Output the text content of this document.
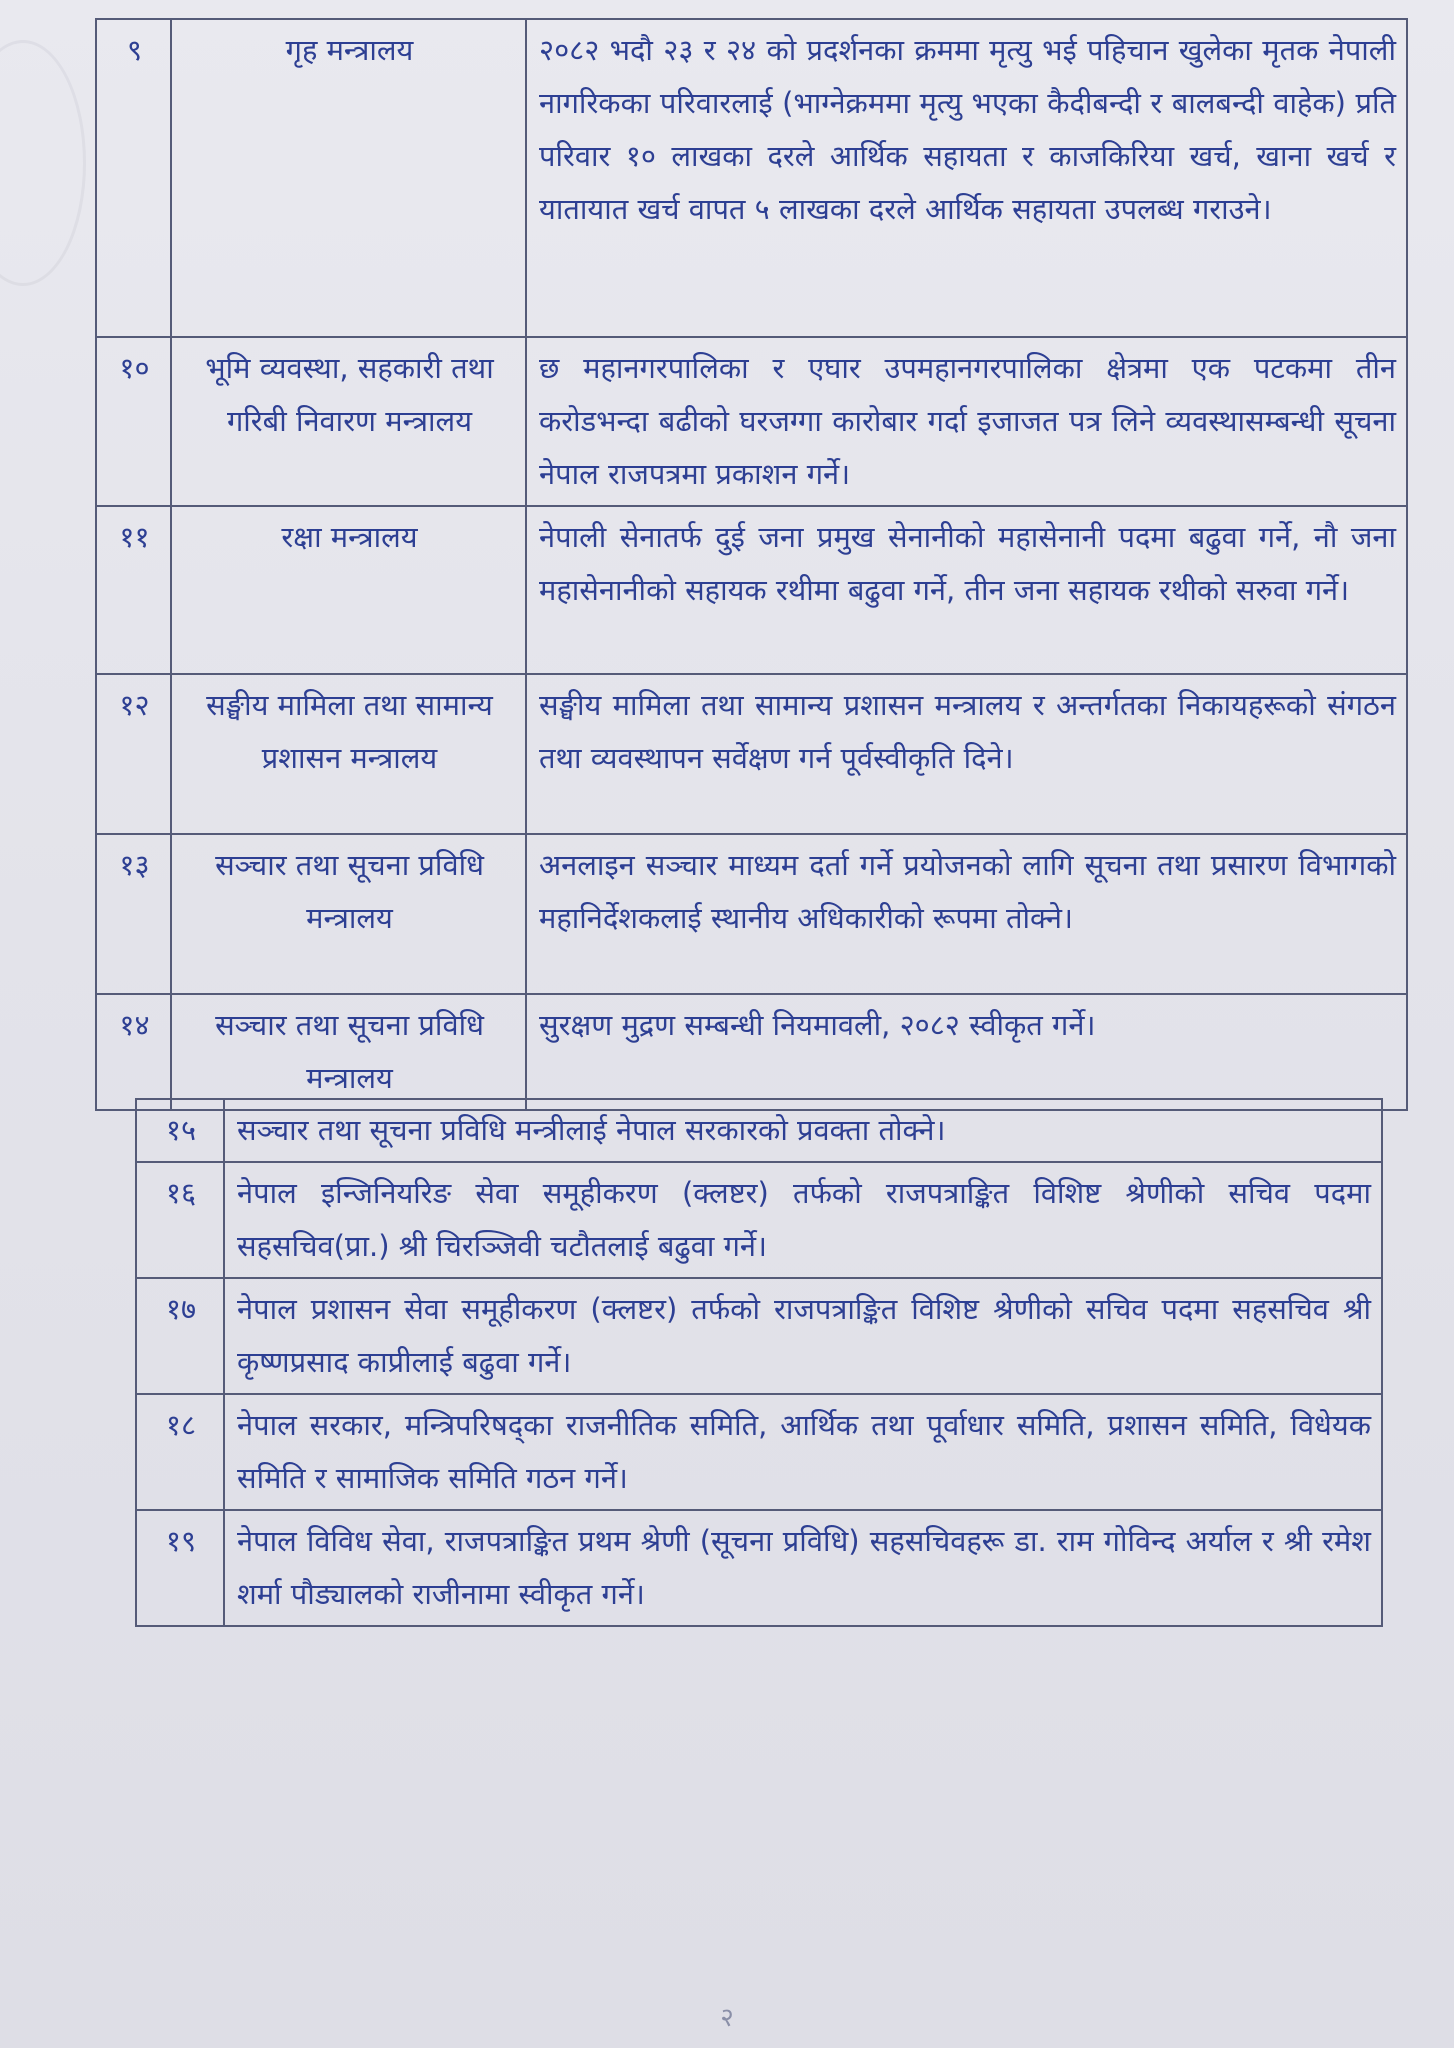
९	गृह मन्त्रालय	२०८२ भदौ २३ र २४ को प्रदर्शनका क्रममा मृत्यु भई पहिचान खुलेका मृतक नेपाली नागरिकका परिवारलाई (भाग्नेक्रममा मृत्यु भएका कैदीबन्दी र बालबन्दी वाहेक) प्रति परिवार १० लाखका दरले आर्थिक सहायता र काजकिरिया खर्च, खाना खर्च र यातायात खर्च वापत ५ लाखका दरले आर्थिक सहायता उपलब्ध गराउने।
१०	भूमि व्यवस्था, सहकारी तथा गरिबी निवारण मन्त्रालय	छ महानगरपालिका र एघार उपमहानगरपालिका क्षेत्रमा एक पटकमा तीन करोडभन्दा बढीको घरजग्गा कारोबार गर्दा इजाजत पत्र लिने व्यवस्थासम्बन्धी सूचना नेपाल राजपत्रमा प्रकाशन गर्ने।
११	रक्षा मन्त्रालय	नेपाली सेनातर्फ दुई जना प्रमुख सेनानीको महासेनानी पदमा बढुवा गर्ने, नौ जना महासेनानीको सहायक रथीमा बढुवा गर्ने, तीन जना सहायक रथीको सरुवा गर्ने।
१२	सङ्घीय मामिला तथा सामान्य प्रशासन मन्त्रालय	सङ्घीय मामिला तथा सामान्य प्रशासन मन्त्रालय र अन्तर्गतका निकायहरूको संगठन तथा व्यवस्थापन सर्वेक्षण गर्न पूर्वस्वीकृति दिने।
१३	सञ्चार तथा सूचना प्रविधि मन्त्रालय	अनलाइन सञ्चार माध्यम दर्ता गर्ने प्रयोजनको लागि सूचना तथा प्रसारण विभागको महानिर्देशकलाई स्थानीय अधिकारीको रूपमा तोक्ने।
१४	सञ्चार तथा सूचना प्रविधि मन्त्रालय	सुरक्षण मुद्रण सम्बन्धी नियमावली, २०८२ स्वीकृत गर्ने।
१५	सञ्चार तथा सूचना प्रविधि मन्त्रीलाई नेपाल सरकारको प्रवक्ता तोक्ने।
१६	नेपाल इन्जिनियरिङ सेवा समूहीकरण (क्लष्टर) तर्फको राजपत्राङ्कित विशिष्ट श्रेणीको सचिव पदमा सहसचिव(प्रा.) श्री चिरञ्जिवी चटौतलाई बढुवा गर्ने।
१७	नेपाल प्रशासन सेवा समूहीकरण (क्लष्टर) तर्फको राजपत्राङ्कित विशिष्ट श्रेणीको सचिव पदमा सहसचिव श्री कृष्णप्रसाद काप्रीलाई बढुवा गर्ने।
१८	नेपाल सरकार, मन्त्रिपरिषद्का राजनीतिक समिति, आर्थिक तथा पूर्वाधार समिति, प्रशासन समिति, विधेयक समिति र सामाजिक समिति गठन गर्ने।
१९	नेपाल विविध सेवा, राजपत्राङ्कित प्रथम श्रेणी (सूचना प्रविधि) सहसचिवहरू डा. राम गोविन्द अर्याल र श्री रमेश शर्मा पौड्यालको राजीनामा स्वीकृत गर्ने।
२
